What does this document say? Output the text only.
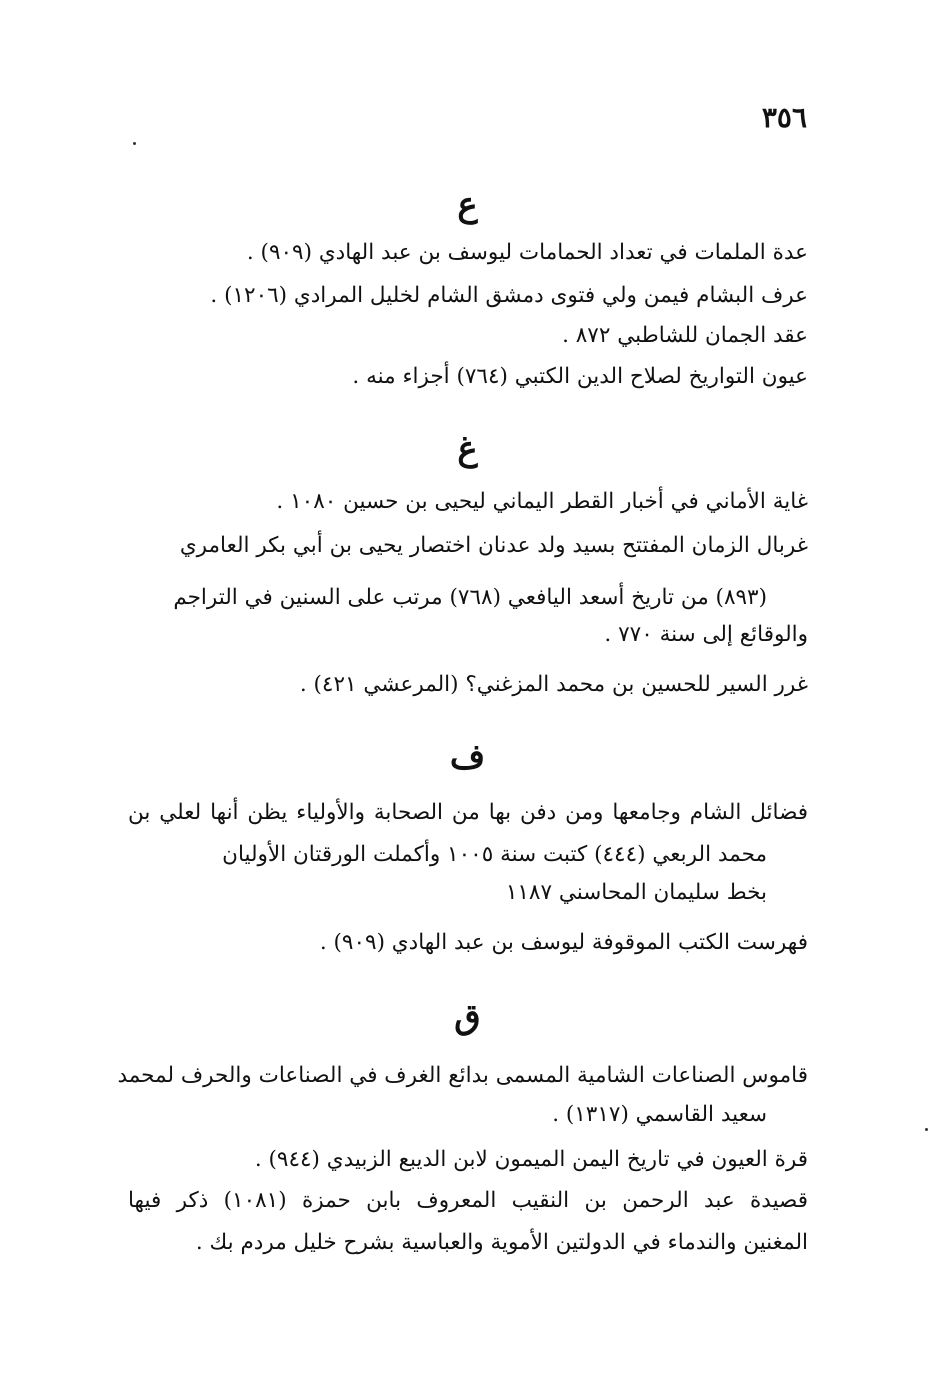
٣٥٦
ع
عدة الملمات في تعداد الحمامات ليوسف بن عبد الهادي (٩٠٩) .
عرف البشام فيمن ولي فتوى دمشق الشام لخليل المرادي (١٢٠٦) .
عقد الجمان للشاطبي ٨٧٢ .
عيون التواريخ لصلاح الدين الكتبي (٧٦٤) أجزاء منه .
غ
غاية الأماني في أخبار القطر اليماني ليحيى بن حسين ١٠٨٠ .
غربال الزمان المفتتح بسيد ولد عدنان اختصار يحيى بن أبي بكر العامري
(٨٩٣) من تاريخ أسعد اليافعي (٧٦٨) مرتب على السنين في التراجم
والوقائع إلى سنة ٧٧٠ .
غرر السير للحسين بن محمد المزغني؟ (المرعشي ٤٢١) .
ف
فضائل الشام وجامعها ومن دفن بها من الصحابة والأولياء يظن أنها لعلي بن
محمد الربعي (٤٤٤) كتبت سنة ١٠٠٥ وأكملت الورقتان الأوليان
بخط سليمان المحاسني ١١٨٧
فهرست الكتب الموقوفة ليوسف بن عبد الهادي (٩٠٩) .
ق
قاموس الصناعات الشامية المسمى بدائع الغرف في الصناعات والحرف لمحمد
سعيد القاسمي (١٣١٧) .
قرة العيون في تاريخ اليمن الميمون لابن الديبع الزبيدي (٩٤٤) .
قصيدة عبد الرحمن بن النقيب المعروف بابن حمزة (١٠٨١) ذكر فيها
المغنين والندماء في الدولتين الأموية والعباسية بشرح خليل مردم بك .
